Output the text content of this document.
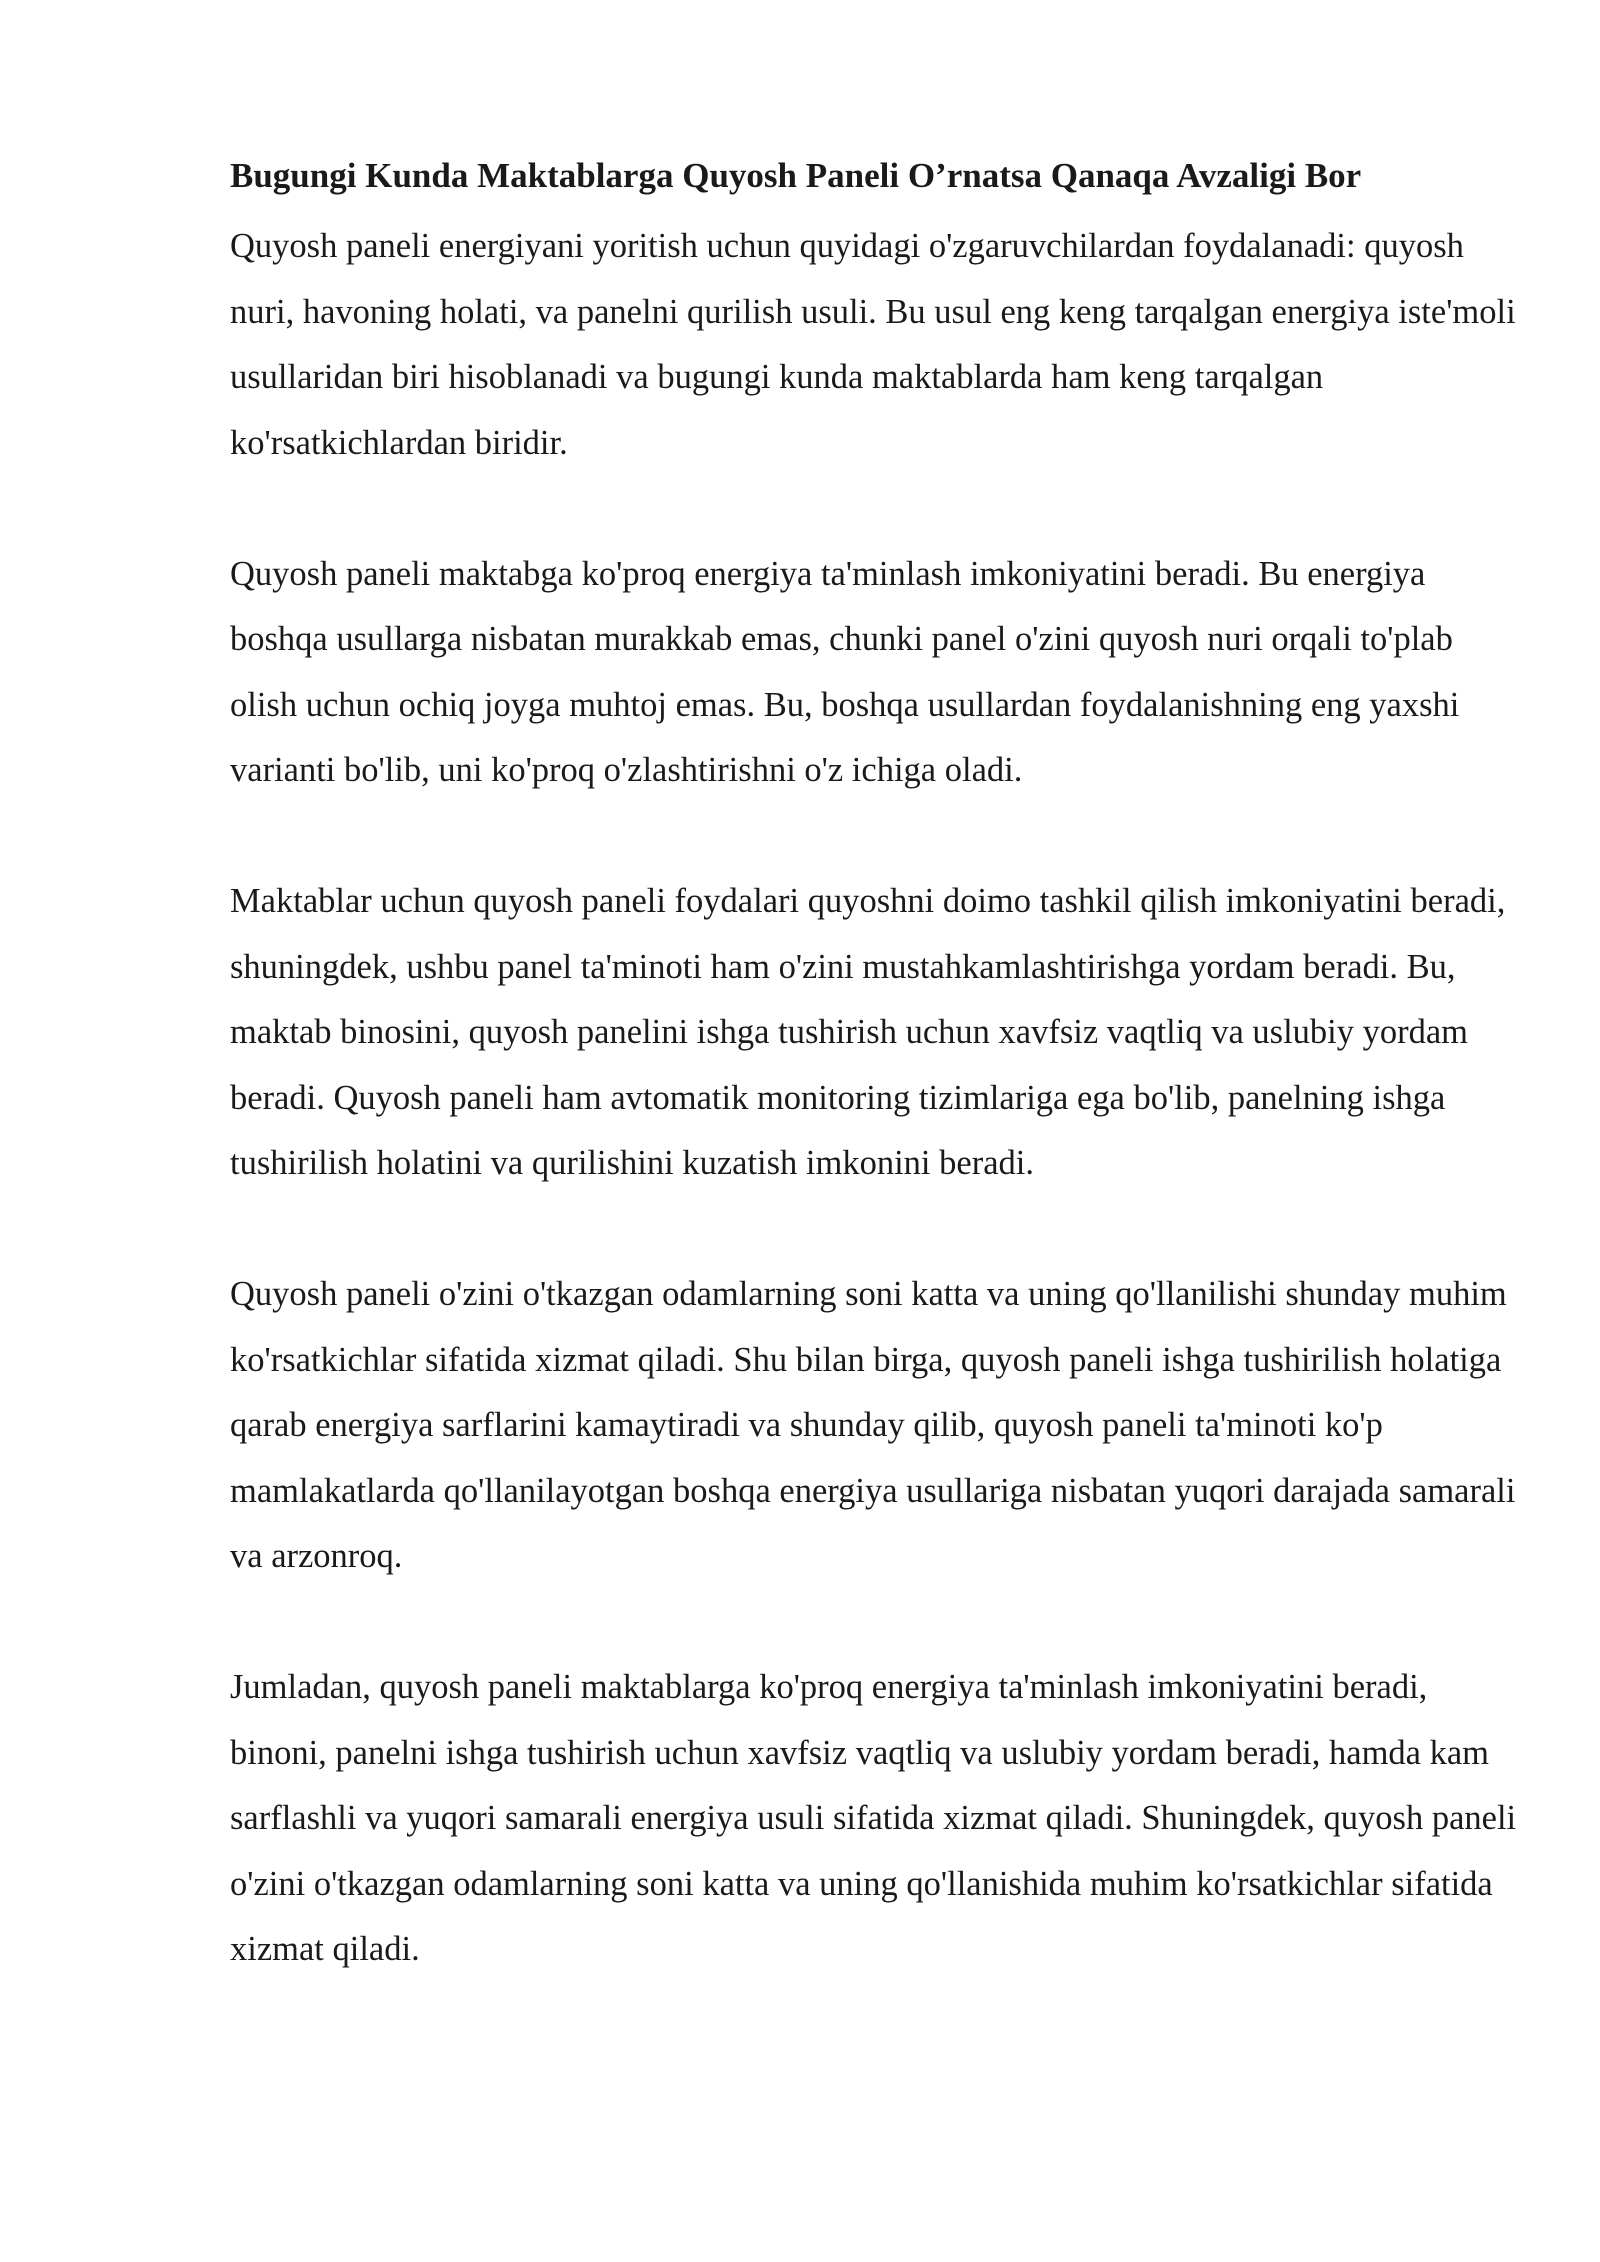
Bugungi Kunda Maktablarga Quyosh Paneli O’rnatsa Qanaqa Avzaligi Bor

Quyosh paneli energiyani yoritish uchun quyidagi o'zgaruvchilardan foydalanadi: quyosh nuri, havoning holati, va panelni qurilish usuli. Bu usul eng keng tarqalgan energiya iste'moli usullaridan biri hisoblanadi va bugungi kunda maktablarda ham keng tarqalgan ko'rsatkichlardan biridir.

Quyosh paneli maktabga ko'proq energiya ta'minlash imkoniyatini beradi. Bu energiya boshqa usullarga nisbatan murakkab emas, chunki panel o'zini quyosh nuri orqali to'plab olish uchun ochiq joyga muhtoj emas. Bu, boshqa usullardan foydalanishning eng yaxshi varianti bo'lib, uni ko'proq o'zlashtirishni o'z ichiga oladi.

Maktablar uchun quyosh paneli foydalari quyoshni doimo tashkil qilish imkoniyatini beradi, shuningdek, ushbu panel ta'minoti ham o'zini mustahkamlashtirishga yordam beradi. Bu, maktab binosini, quyosh panelini ishga tushirish uchun xavfsiz vaqtliq va uslubiy yordam beradi. Quyosh paneli ham avtomatik monitoring tizimlariga ega bo'lib, panelning ishga tushirilish holatini va qurilishini kuzatish imkonini beradi.

Quyosh paneli o'zini o'tkazgan odamlarning soni katta va uning qo'llanilishi shunday muhim ko'rsatkichlar sifatida xizmat qiladi. Shu bilan birga, quyosh paneli ishga tushirilish holatiga qarab energiya sarflarini kamaytiradi va shunday qilib, quyosh paneli ta'minoti ko'p mamlakatlarda qo'llanilayotgan boshqa energiya usullariga nisbatan yuqori darajada samarali va arzonroq.

Jumladan, quyosh paneli maktablarga ko'proq energiya ta'minlash imkoniyatini beradi, binoni, panelni ishga tushirish uchun xavfsiz vaqtliq va uslubiy yordam beradi, hamda kam sarflashli va yuqori samarali energiya usuli sifatida xizmat qiladi. Shuningdek, quyosh paneli o'zini o'tkazgan odamlarning soni katta va uning qo'llanishida muhim ko'rsatkichlar sifatida xizmat qiladi.
